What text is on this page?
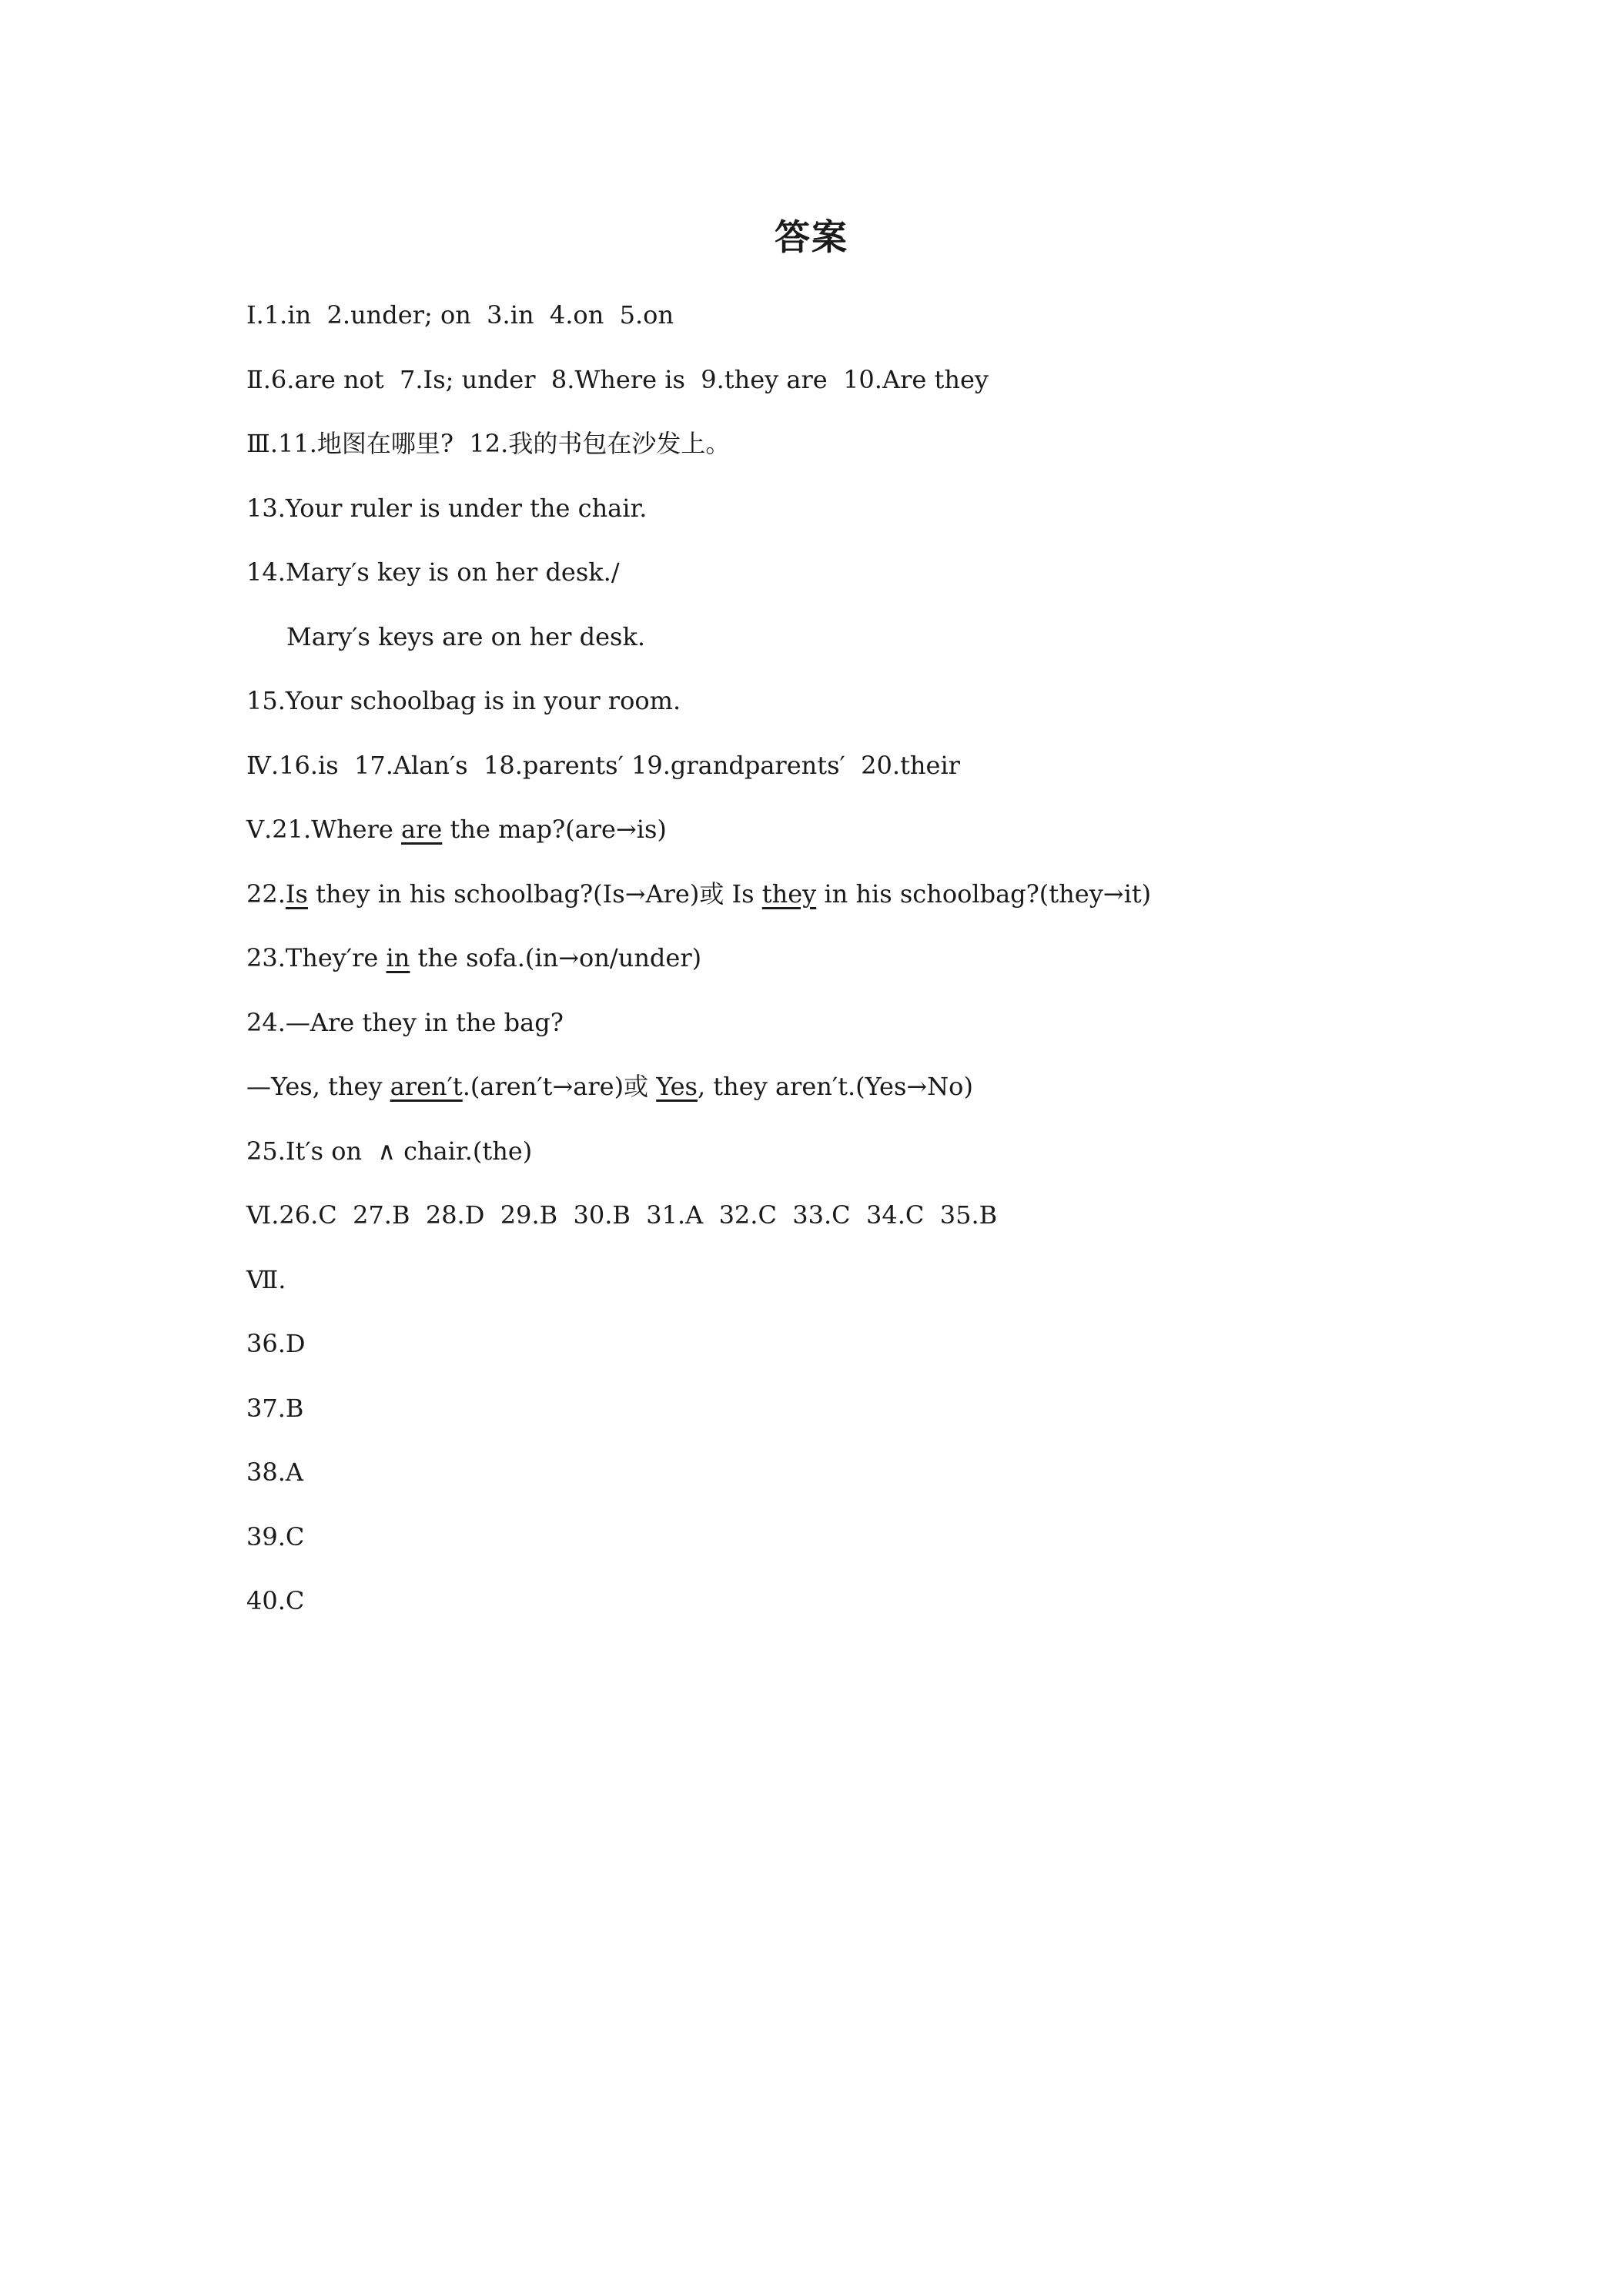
答案
Ⅰ.1.in  2.under; on  3.in  4.on  5.on
Ⅱ.6.are not  7.Is; under  8.Where is  9.they are  10.Are they
Ⅲ.11.地图在哪里?  12.我的书包在沙发上。
13.Your ruler is under the chair.
14.Mary′s key is on her desk./
Mary′s keys are on her desk.
15.Your schoolbag is in your room.
Ⅳ.16.is  17.Alan′s  18.parents′ 19.grandparents′  20.their
Ⅴ.21.Where are the map?(are→is)
22.Is they in his schoolbag?(Is→Are)或 Is they in his schoolbag?(they→it)
23.They′re in the sofa.(in→on/under)
24.—Are they in the bag?
—Yes, they aren′t.(aren′t→are)或 Yes, they aren′t.(Yes→No)
25.It′s on  ∧ chair.(the)
Ⅵ.26.C  27.B  28.D  29.B  30.B  31.A  32.C  33.C  34.C  35.B
Ⅶ.
36.D
37.B
38.A
39.C
40.C
